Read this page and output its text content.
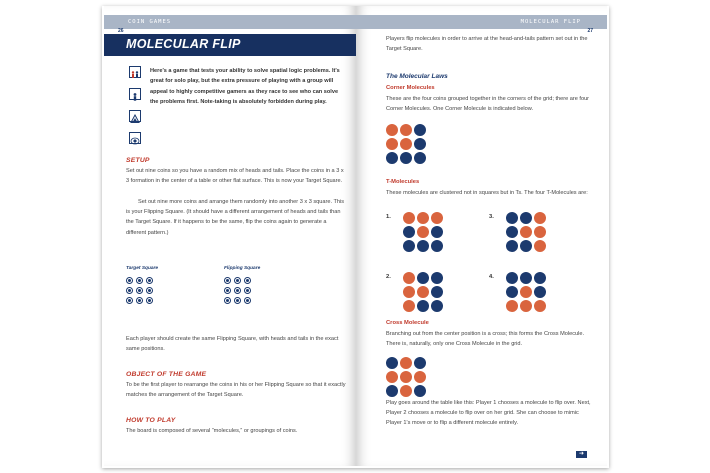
COIN GAMES
26
MOLECULAR FLIP

Here's a game that tests your ability to solve spatial logic problems. It's great for solo play, but the extra pressure of playing with a group will appeal to highly competitive gamers as they race to see who can solve the problems first. Note-taking is absolutely forbidden during play.

SETUP

Set out nine coins so you have a random mix of heads and tails. Place the coins in a 3 x 3 formation in the center of a table or other flat surface. This is now your Target Square.

Set out nine more coins and arrange them randomly into another 3 x 3 square. This is your Flipping Square. (It should have a different arrangement of heads and tails than the Target Square. If it happens to be the same, flip the coins again to generate a different pattern.)

Target Square	Flipping Square

Each player should create the same Flipping Square, with heads and tails in the exact same positions.

OBJECT OF THE GAME

To be the first player to rearrange the coins in his or her Flipping Square so that it exactly matches the arrangement of the Target Square.

HOW TO PLAY

The board is composed of several “molecules,” or groupings of coins.

MOLECULAR FLIP
27

Players flip molecules in order to arrive at the head-and-tails pattern set out in the Target Square.

The Molecular Laws
Corner Molecules

These are the four coins grouped together in the corners of the grid; there are four Corner Molecules. One Corner Molecule is indicated below.

T-Molecules

These molecules are clustered not in squares but in Ts. The four T-Molecules are:

1.
2.
3.
4.
Cross Molecule

Branching out from the center position is a cross; this forms the Cross Molecule. There is, naturally, only one Cross Molecule in the grid.

Play goes around the table like this: Player 1 chooses a molecule to flip over. Next, Player 2 chooses a molecule to flip over on her grid. She can choose to mimic Player 1's move or to flip a different molecule entirely.

➜
